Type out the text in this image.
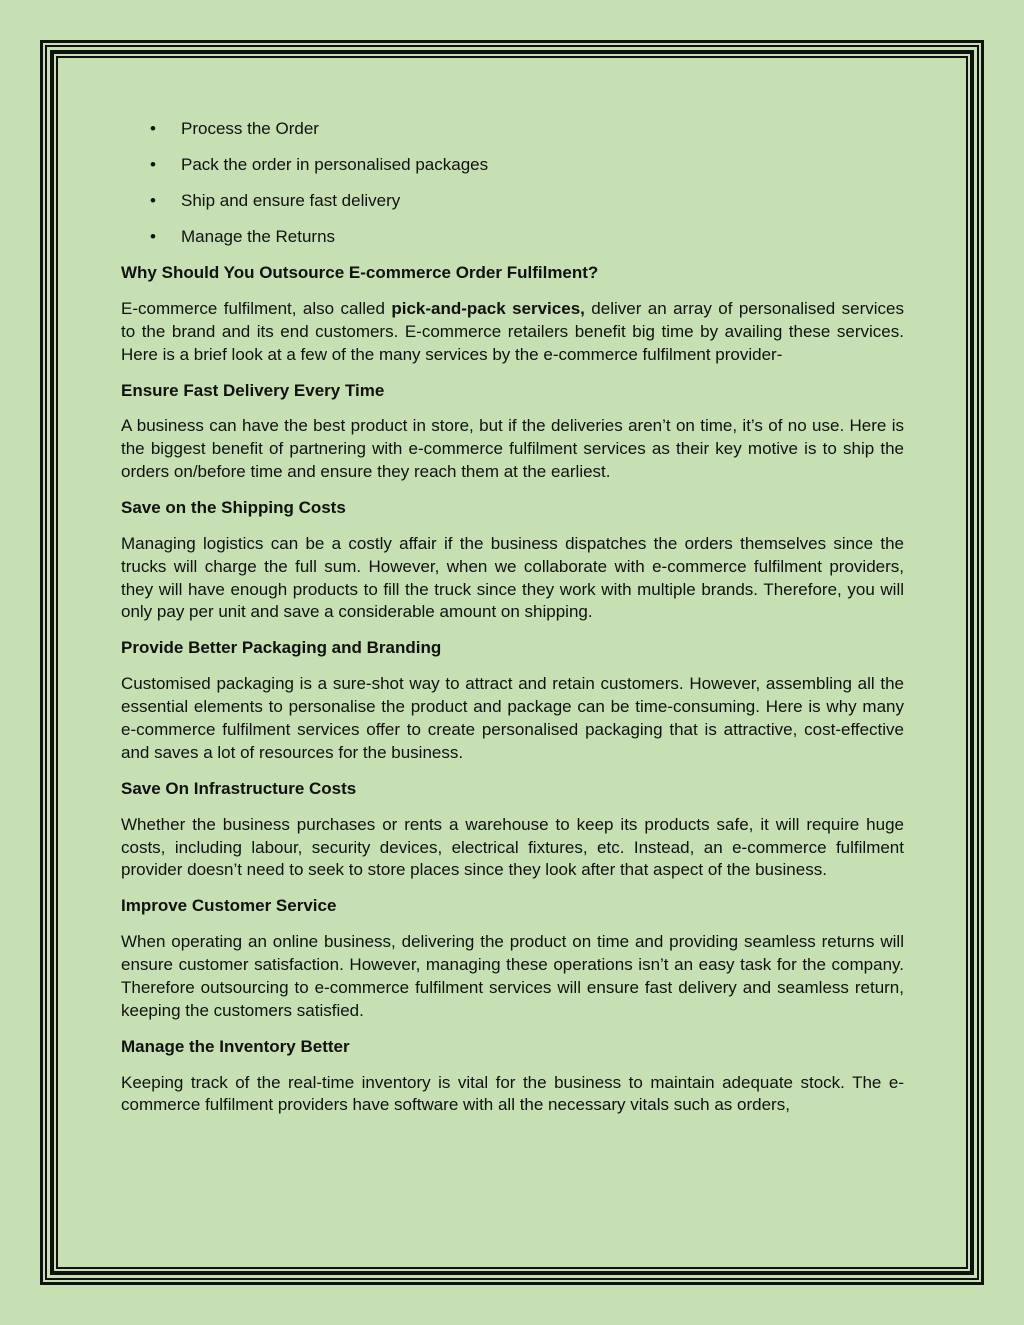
• Process the Order
• Pack the order in personalised packages
• Ship and ensure fast delivery
• Manage the Returns
Why Should You Outsource E-commerce Order Fulfilment?

E-commerce fulfilment, also called pick-and-pack services, deliver an array of personalised services to the brand and its end customers. E-commerce retailers benefit big time by availing these services. Here is a brief look at a few of the many services by the e-commerce fulfilment provider-

Ensure Fast Delivery Every Time

A business can have the best product in store, but if the deliveries aren’t on time, it’s of no use. Here is the biggest benefit of partnering with e-commerce fulfilment services as their key motive is to ship the orders on/before time and ensure they reach them at the earliest.

Save on the Shipping Costs

Managing logistics can be a costly affair if the business dispatches the orders themselves since the trucks will charge the full sum. However, when we collaborate with e-commerce fulfilment providers, they will have enough products to fill the truck since they work with multiple brands. Therefore, you will only pay per unit and save a considerable amount on shipping.

Provide Better Packaging and Branding

Customised packaging is a sure-shot way to attract and retain customers. However, assembling all the essential elements to personalise the product and package can be time-consuming. Here is why many e-commerce fulfilment services offer to create personalised packaging that is attractive, cost-effective and saves a lot of resources for the business.

Save On Infrastructure Costs

Whether the business purchases or rents a warehouse to keep its products safe, it will require huge costs, including labour, security devices, electrical fixtures, etc. Instead, an e-commerce fulfilment provider doesn’t need to seek to store places since they look after that aspect of the business.

Improve Customer Service

When operating an online business, delivering the product on time and providing seamless returns will ensure customer satisfaction. However, managing these operations isn’t an easy task for the company. Therefore outsourcing to e-commerce fulfilment services will ensure fast delivery and seamless return, keeping the customers satisfied.

Manage the Inventory Better

Keeping track of the real-time inventory is vital for the business to maintain adequate stock. The e-commerce fulfilment providers have software with all the necessary vitals such as orders,
